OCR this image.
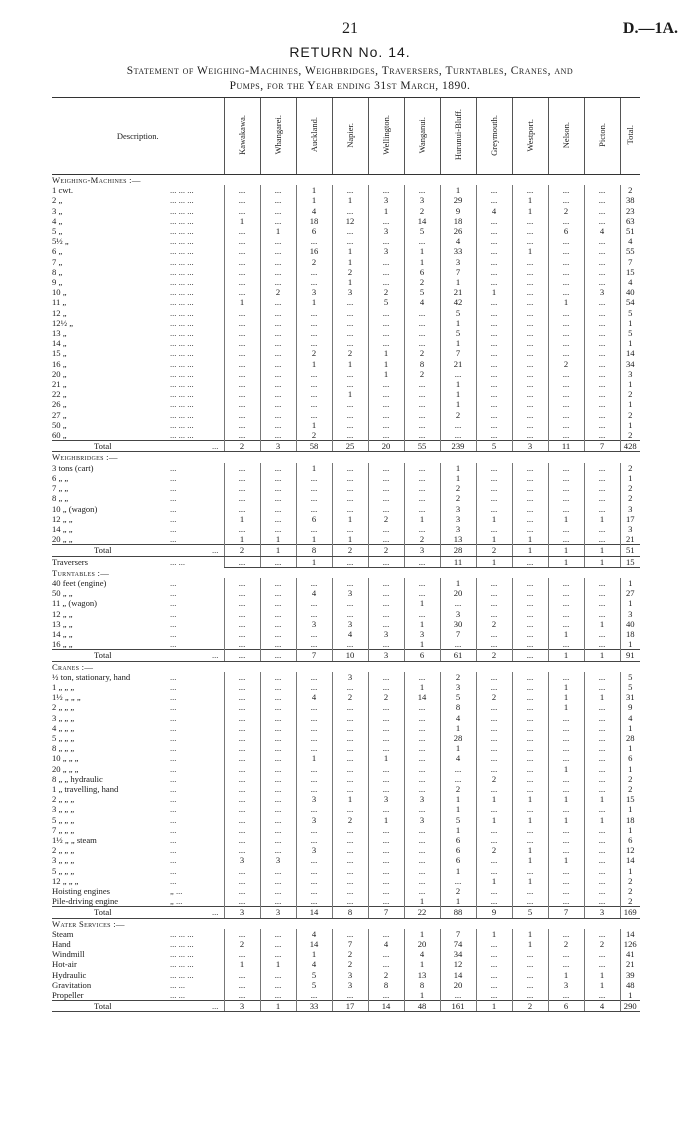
21	D.—1A.
RETURN No. 14.
Statement of Weighing-Machines, Weighbridges, Traversers, Turntables, Cranes, and
Pumps, for the Year ending 31st March, 1890.
Description.	Kawakawa.	Whangarei.	Auckland.	Napier.	Wellington.	Wanganui.	Hurunui-Bluff.	Greymouth.	Westport.	Nelson.	Picton.	Total.
Weighing-Machines :—												
1 cwt. ... ... ...	...	...	1	...	...	...	1	...	...	...	...	2
2 „ ... ... ...	...	...	1	1	3	3	29	...	1	...	...	38
3 „ ... ... ...	...	...	4	...	1	2	9	4	1	2	...	23
4 „ ... ... ...	1	...	18	12	...	14	18	...	...	...	...	63
5 „ ... ... ...	...	1	6	...	3	5	26	...	...	6	4	51
5½ „ ... ... ...	...	...	...	...	...	...	4	...	...	...	...	4
6 „ ... ... ...	...	...	16	1	3	1	33	...	1	...	...	55
7 „ ... ... ...	...	...	2	1	...	1	3	...	...	...	...	7
8 „ ... ... ...	...	...	...	2	...	6	7	...	...	...	...	15
9 „ ... ... ...	...	...	...	1	...	2	1	...	...	...	...	4
10 „ ... ... ...	...	2	3	3	2	5	21	1	...	...	3	40
11 „ ... ... ...	1	...	1	...	5	4	42	...	...	1	...	54
12 „ ... ... ...	...	...	...	...	...	...	5	...	...	...	...	5
12½ „ ... ... ...	...	...	...	...	...	...	1	...	...	...	...	1
13 „ ... ... ...	...	...	...	...	...	...	5	...	...	...	...	5
14 „ ... ... ...	...	...	...	...	...	...	1	...	...	...	...	1
15 „ ... ... ...	...	...	2	2	1	2	7	...	...	...	...	14
16 „ ... ... ...	...	...	1	1	1	8	21	...	...	2	...	34
20 „ ... ... ...	...	...	...	...	1	2	...	...	...	...	...	3
21 „ ... ... ...	...	...	...	...	...	...	1	...	...	...	...	1
22 „ ... ... ...	...	...	...	1	...	...	1	...	...	...	...	2
26 „ ... ... ...	...	...	...	...	...	...	1	...	...	...	...	1
27 „ ... ... ...	...	...	...	...	...	...	2	...	...	...	...	2
50 „ ... ... ...	...	...	1	...	...	...	...	...	...	...	...	1
60 „ ... ... ...	...	...	2	...	...	...	...	...	...	...	...	2
Total ...	2	3	58	25	20	55	239	5	3	11	7	428
Weighbridges :—												
3 tons (cart) ...	...	...	1	...	...	...	1	...	...	...	...	2
6 „ „ ...	...	...	...	...	...	...	1	...	...	...	...	1
7 „ „ ...	...	...	...	...	...	...	2	...	...	...	...	2
8 „ „ ...	...	...	...	...	...	...	2	...	...	...	...	2
10 „ (wagon) ...	...	...	...	...	...	...	3	...	...	...	...	3
12 „ „ ...	1	...	6	1	2	1	3	1	...	1	1	17
14 „ „ ...	...	...	...	...	...	...	3	...	...	...	...	3
20 „ „ ...	1	1	1	1	...	2	13	1	1	...	...	21
Total ...	2	1	8	2	2	3	28	2	1	1	1	51
Traversers ... ...	...	...	1	...	...	...	11	1	...	1	1	15
Turntables :—												
40 feet (engine) ...	...	...	...	...	...	...	1	...	...	...	...	1
50 „ „ ...	...	...	4	3	...	...	20	...	...	...	...	27
11 „ (wagon) ...	...	...	...	...	...	1	...	...	...	...	...	1
12 „ „ ...	...	...	...	...	...	...	3	...	...	...	...	3
13 „ „ ...	...	...	3	3	...	1	30	2	...	...	1	40
14 „ „ ...	...	...	...	4	3	3	7	...	...	1	...	18
16 „ „ ...	...	...	...	...	...	1	...	...	...	...	...	1
Total ...	...	...	7	10	3	6	61	2	...	1	1	91
Cranes :—												
½ ton, stationary, hand ...	...	...	...	3	...	...	2	...	...	...	...	5
1 „ „ „ ...	...	...	...	...	...	1	3	...	...	1	...	5
1½ „ „ „ ...	...	...	4	2	2	14	5	2	...	1	1	31
2 „ „ „ ...	...	...	...	...	...	...	8	...	...	1	...	9
3 „ „ „ ...	...	...	...	...	...	...	4	...	...	...	...	4
4 „ „ „ ...	...	...	...	...	...	...	1	...	...	...	...	1
5 „ „ „ ...	...	...	...	...	...	...	28	...	...	...	...	28
8 „ „ „ ...	...	...	...	...	...	...	1	...	...	...	...	1
10 „ „ „ ...	...	...	1	...	1	...	4	...	...	...	...	6
20 „ „ „ ...	...	...	...	...	...	...	...	...	...	1	...	1
8 „ „ hydraulic ...	...	...	...	...	...	...	...	2	...	...	...	2
1 „ travelling, hand ...	...	...	...	...	...	...	2	...	...	...	...	2
2 „ „ „ ...	...	...	3	1	3	3	1	1	1	1	1	15
3 „ „ „ ...	...	...	...	...	...	...	1	...	...	...	...	1
5 „ „ „ ...	...	...	3	2	1	3	5	1	1	1	1	18
7 „ „ „ ...	...	...	...	...	...	...	1	...	...	...	...	1
1½ „ „ steam ...	...	...	...	...	...	...	6	...	...	...	...	6
2 „ „ „ ...	...	...	3	...	...	...	6	2	1	...	...	12
3 „ „ „ ...	3	3	...	...	...	...	6	...	1	1	...	14
5 „ „ „ ...	...	...	...	...	...	...	1	...	...	...	...	1
12 „ „ „ ...	...	...	...	...	...	...	...	1	1	...	...	2
Hoisting engines „ ...	...	...	...	...	...	...	2	...	...	...	...	2
Pile-driving engine „ ...	...	...	...	...	...	1	1	...	...	...	...	2
Total ...	3	3	14	8	7	22	88	9	5	7	3	169
Water Services :—												
Steam ... ... ...	...	...	4	...	...	1	7	1	1	...	...	14
Hand ... ... ...	2	...	14	7	4	20	74	...	1	2	2	126
Windmill ... ... ...	...	...	1	2	...	4	34	...	...	...	...	41
Hot-air ... ... ...	1	1	4	2	...	1	12	...	...	...	...	21
Hydraulic ... ... ...	...	...	5	3	2	13	14	...	...	1	1	39
Gravitation ... ...	...	...	5	3	8	8	20	...	...	3	1	48
Propeller ... ...	...	...	...	...	...	1	...	...	...	...	...	1
Total ...	3	1	33	17	14	48	161	1	2	6	4	290
